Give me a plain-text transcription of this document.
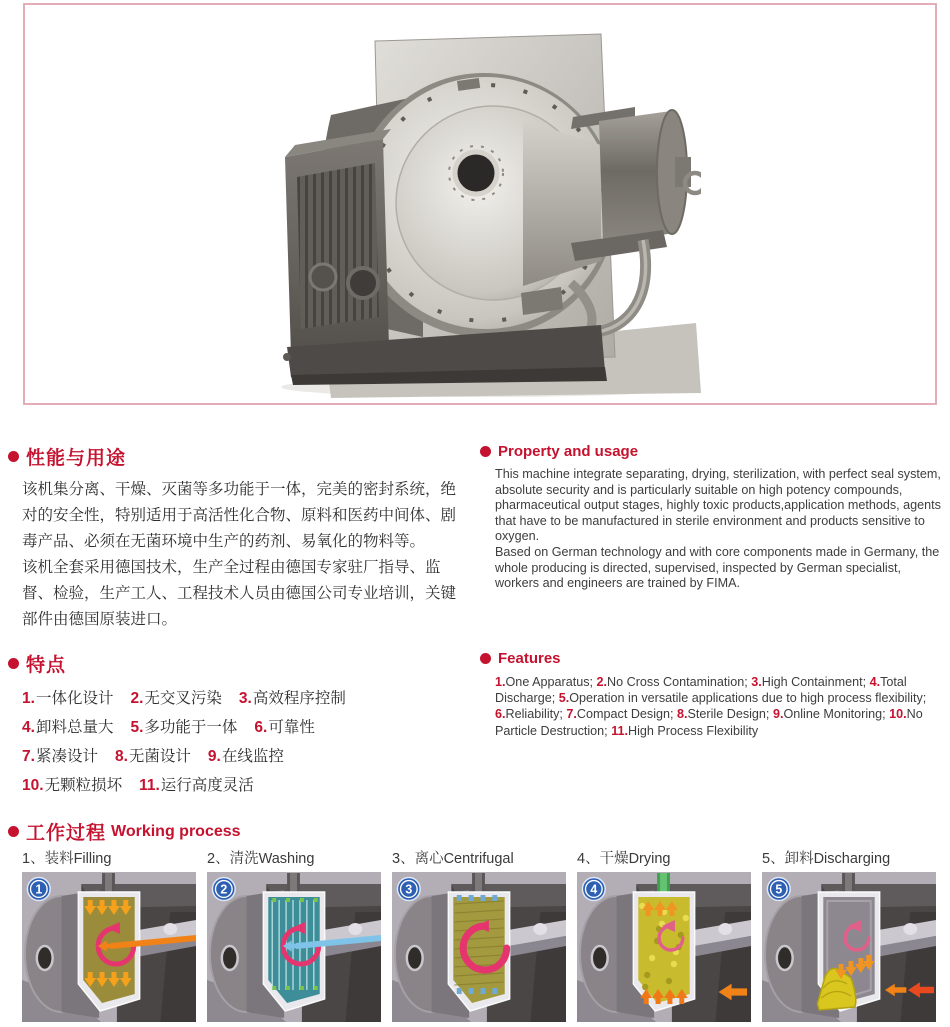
性能与用途

该机集分离、干燥、灭菌等多功能于一体，完美的密封系统，绝对的安全性，特别适用于高活性化合物、原料和医药中间体、剧毒产品、必须在无菌环境中生产的药剂、易氧化的物料等。

该机全套采用德国技术，生产全过程由德国专家驻厂指导、监督、检验，生产工人、工程技术人员由德国公司专业培训，关键部件由德国原装进口。

Property and usage

This machine integrate separating, drying, sterilization, with perfect seal system, absolute security and is particularly suitable on high potency compounds, pharmaceutical output stages, highly toxic products,application methods, agents that have to be manufactured in sterile environment and products sensitive to oxygen.

Based on German technology and with core components made in Germany, the whole producing is directed, supervised, inspected by German specialist, workers and engineers are trained by FIMA.

特点
1.一体化设计 2.无交叉污染 3.高效程序控制
4.卸料总量大 5.多功能于一体 6.可靠性
7.紧凑设计 8.无菌设计 9.在线监控
10.无颗粒损坏 11.运行高度灵活
Features
1.One Apparatus; 2.No Cross Contamination; 3.High Containment; 4.Total Discharge; 5.Operation in versatile applications due to high process flexibility; 6.Reliability; 7.Compact Design; 8.Sterile Design; 9.Online Monitoring; 10.No Particle Destruction; 11.High Process Flexibility
工作过程 Working process
1、装料Filling
1
2、清洗Washing
2
3、离心Centrifugal
3
4、干燥Drying
4
5、卸料Discharging
5
